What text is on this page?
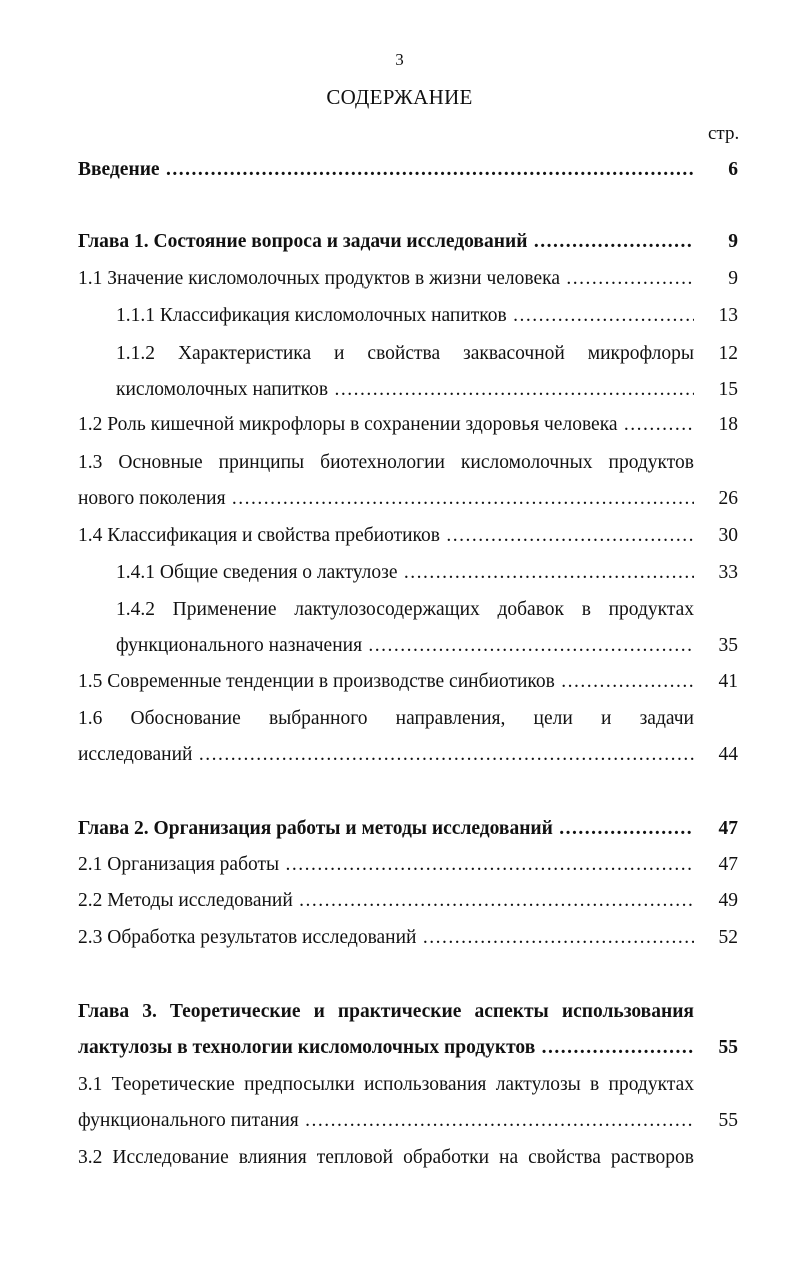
3
СОДЕРЖАНИЕ
стр.
Введение .....	6
Глава 1. Состояние вопроса и задачи исследований .....	9
1.1 Значение кисломолочных продуктов в жизни человека .....	9
1.1.1 Классификация кисломолочных напитков .....	13
1.1.2 Характеристика и свойства заквасочной микрофлоры	12
кисломолочных напитков .....	15
1.2 Роль кишечной микрофлоры в сохранении здоровья человека .....	18
1.3 Основные принципы биотехнологии кисломолочных продуктов
нового поколения .....	26
1.4 Классификация и свойства пребиотиков .....	30
1.4.1 Общие сведения о лактулозе .....	33
1.4.2 Применение лактулозосодержащих добавок в продуктах
функционального назначения .....	35
1.5 Современные тенденции в производстве синбиотиков .....	41
1.6 Обоснование выбранного направления, цели и задачи
исследований .....	44
Глава 2. Организация работы и методы исследований .....	47
2.1 Организация работы .....	47
2.2 Методы исследований .....	49
2.3 Обработка результатов исследований .....	52
Глава 3. Теоретические и практические аспекты использования
лактулозы в технологии кисломолочных продуктов .....	55
3.1 Теоретические предпосылки использования лактулозы в продуктах
функционального питания .....	55
3.2 Исследование влияния тепловой обработки на свойства растворов
